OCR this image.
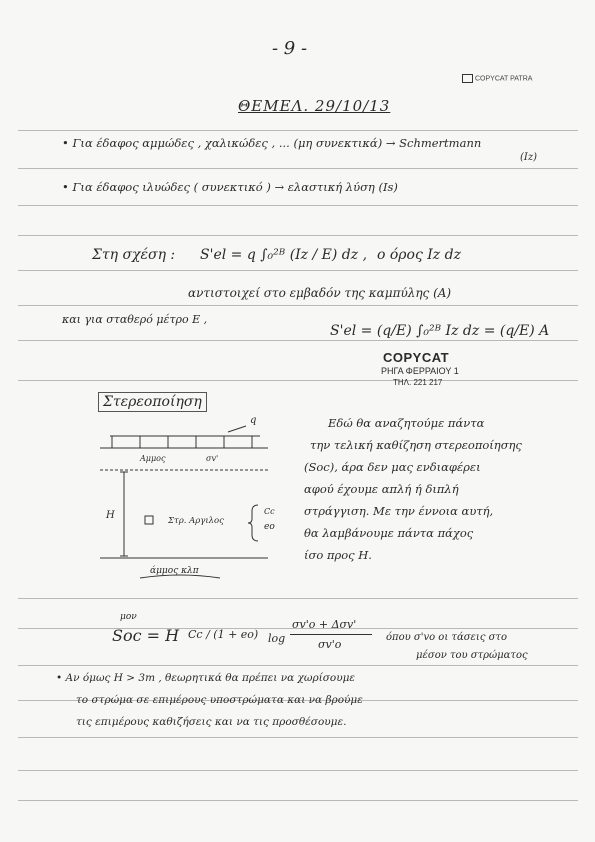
- 9 -
COPYCAT PATRA
ΘΕΜΕΛ. 29/10/13
• Για έδαφος αμμώδες , χαλικώδες , ... (μη συνεκτικά) → Schmertmann
(Iz)
• Για έδαφος ιλυώδες ( συνεκτικό ) → ελαστική λύση (Is)
Στη σχέση : S'el = q ∫₀²ᴮ (Iz / E) dz , ο όρος Iz dz
αντιστοιχεί στο εμβαδόν της καμπύλης (A)
και για σταθερό μέτρο E ,
S'el = (q/E) ∫₀²ᴮ Iz dz = (q/E) A
COPYCAT
ΡΗΓΑ ΦΕΡΡΑΙΟΥ 1
ΤΗΛ. 221 217
Στερεοποίηση
Εδώ θα αναζητούμε πάντα
την τελική καθίζηση στερεοποίησης
(Soc), άρα δεν μας ενδιαφέρει
αφού έχουμε απλή ή διπλή
στράγγιση. Με την έννοια αυτή,
θα λαμβάνουμε πάντα πάχος
ίσο προς H.
q
Αμμος	σv'
Στρ. Αργιλος
Cc
eo
H
άμμος κλπ
μον
Soc = H Cc / (1 + eo) log
σv'o + Δσv'
σv'o
όπου σ'vo οι τάσεις στο
μέσον του στρώματος
• Αν όμως H > 3m , θεωρητικά θα πρέπει να χωρίσουμε
το στρώμα σε επιμέρους υποστρώματα και να βρούμε
τις επιμέρους καθιζήσεις και να τις προσθέσουμε.
